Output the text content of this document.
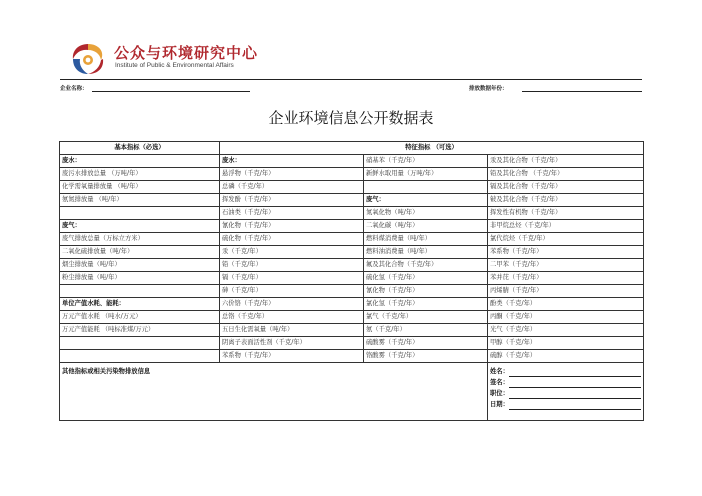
公众与环境研究中心
Institute of Public & Environmental Affairs
企业名称：	排放数据年份：
企业环境信息公开数据表
基本指标（必选）	特征指标 （可选）		
废水：	废水：	硝基苯（千克/年）	汞及其化合物（千克/年）
废污水排放总量 （万吨/年）	悬浮物（千克/年）	新鲜水取用量（万吨/年）	铅及其化合物 （千克/年）
化学需氧量排放量 （吨/年）	总磷（千克/年）		镉及其化合物（千克/年）
氨氮排放量 （吨/年）	挥发酚（千克/年）	废气：	铍及其化合物（千克/年）
	石油类（千克/年）	氮氧化物（吨/年）	挥发性有机物（千克/年）
废气：	氰化物（千克/年）	二氧化碳（吨/年）	非甲烷总烃（千克/年）
废气排放总量（万标立方米）	硫化物（千克/年）	燃料煤消费量（吨/年）	氯代烷烃（千克/年）
二氧化硫排放量（吨/年）	汞（千克/年）	燃料油消费量（吨/年）	苯系物（千克/年）
烟尘排放量（吨/年）	铅（千克/年）	氟及其化合物（千克/年）	二甲苯（千克/年）
粉尘排放量（吨/年）	镉（千克/年）	硫化氢（千克/年）	苯并芘（千克/年）
	砷（千克/年）	氰化物（千克/年）	丙烯腈（千克/年）
单位产值水耗、能耗：	六价铬（千克/年）	氯化氢（千克/年）	酚类（千克/年）
万元产值水耗 （吨水/万元）	总铬（千克/年）	氯气（千克/年）	丙酮（千克/年）
万元产值能耗 （吨标准煤/万元）	五日生化需氧量（吨/年）	氨（千克/年）	光气（千克/年）
	阴离子表面活性剂（千克/年）	硫酸雾（千克/年）	甲醇（千克/年）
	苯系物（千克/年）	铬酸雾（千克/年）	硫醇（千克/年）
其他指标或相关污染物排放信息			姓名：
签名：
职位：
日期：
